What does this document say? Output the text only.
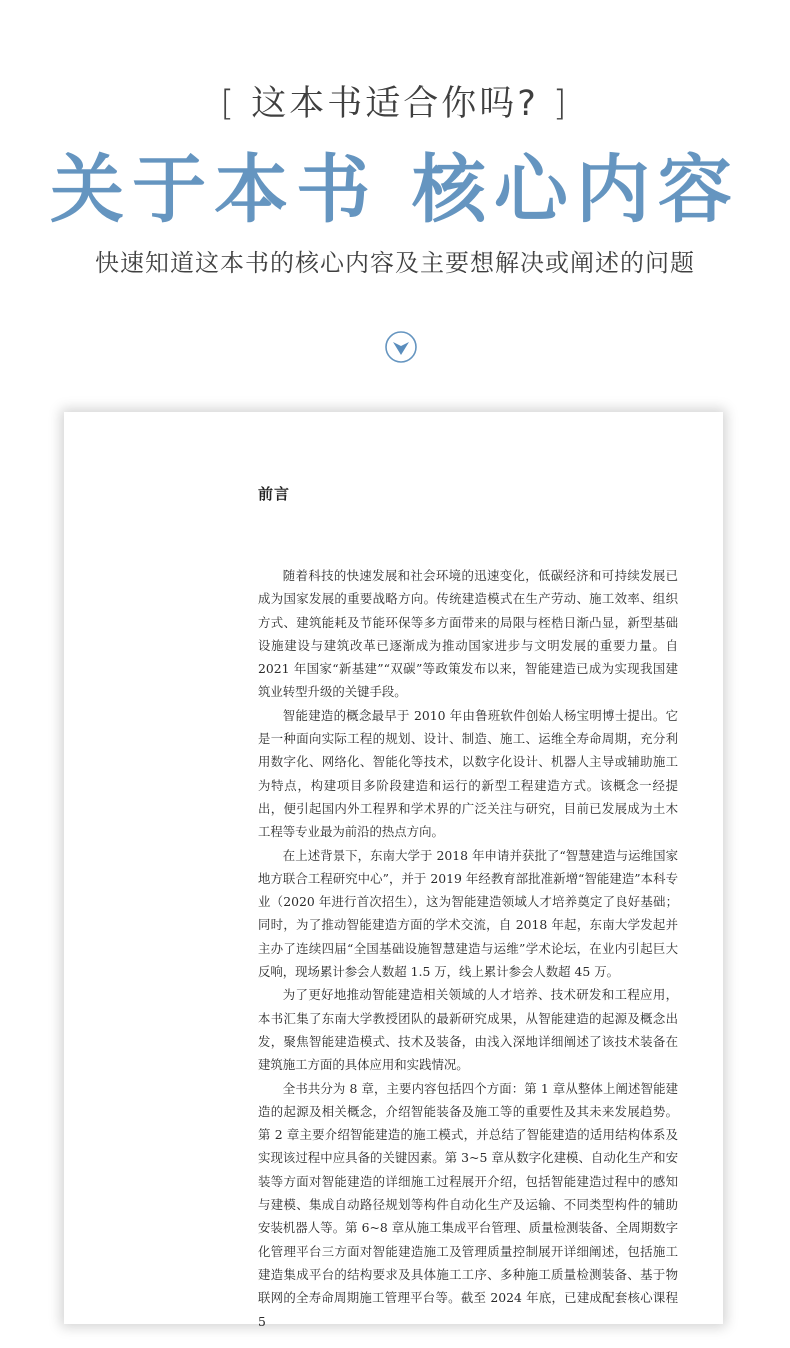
[ 这本书适合你吗? ]
关于本书 核心内容
快速知道这本书的核心内容及主要想解决或阐述的问题
前言

随着科技的快速发展和社会环境的迅速变化，低碳经济和可持续发展已成为国家发展的重要战略方向。传统建造模式在生产劳动、施工效率、组织方式、建筑能耗及节能环保等多方面带来的局限与桎梏日渐凸显，新型基础设施建设与建筑改革已逐渐成为推动国家进步与文明发展的重要力量。自 2021 年国家“新基建”“双碳”等政策发布以来，智能建造已成为实现我国建筑业转型升级的关键手段。

智能建造的概念最早于 2010 年由鲁班软件创始人杨宝明博士提出。它是一种面向实际工程的规划、设计、制造、施工、运维全寿命周期，充分利用数字化、网络化、智能化等技术，以数字化设计、机器人主导或辅助施工为特点，构建项目多阶段建造和运行的新型工程建造方式。该概念一经提出，便引起国内外工程界和学术界的广泛关注与研究，目前已发展成为土木工程等专业最为前沿的热点方向。

在上述背景下，东南大学于 2018 年申请并获批了“智慧建造与运维国家地方联合工程研究中心”，并于 2019 年经教育部批准新增“智能建造”本科专业（2020 年进行首次招生），这为智能建造领域人才培养奠定了良好基础；同时，为了推动智能建造方面的学术交流，自 2018 年起，东南大学发起并主办了连续四届“全国基础设施智慧建造与运维”学术论坛，在业内引起巨大反响，现场累计参会人数超 1.5 万，线上累计参会人数超 45 万。

为了更好地推动智能建造相关领域的人才培养、技术研发和工程应用，本书汇集了东南大学教授团队的最新研究成果，从智能建造的起源及概念出发，聚焦智能建造模式、技术及装备，由浅入深地详细阐述了该技术装备在建筑施工方面的具体应用和实践情况。

全书共分为 8 章，主要内容包括四个方面：第 1 章从整体上阐述智能建造的起源及相关概念，介绍智能装备及施工等的重要性及其未来发展趋势。第 2 章主要介绍智能建造的施工模式，并总结了智能建造的适用结构体系及实现该过程中应具备的关键因素。第 3~5 章从数字化建模、自动化生产和安装等方面对智能建造的详细施工过程展开介绍，包括智能建造过程中的感知与建模、集成自动路径规划等构件自动化生产及运输、不同类型构件的辅助安装机器人等。第 6~8 章从施工集成平台管理、质量检测装备、全周期数字化管理平台三方面对智能建造施工及管理质量控制展开详细阐述，包括施工建造集成平台的结构要求及具体施工工序、多种施工质量检测装备、基于物联网的全寿命周期施工管理平台等。截至 2024 年底，已建成配套核心课程 5
